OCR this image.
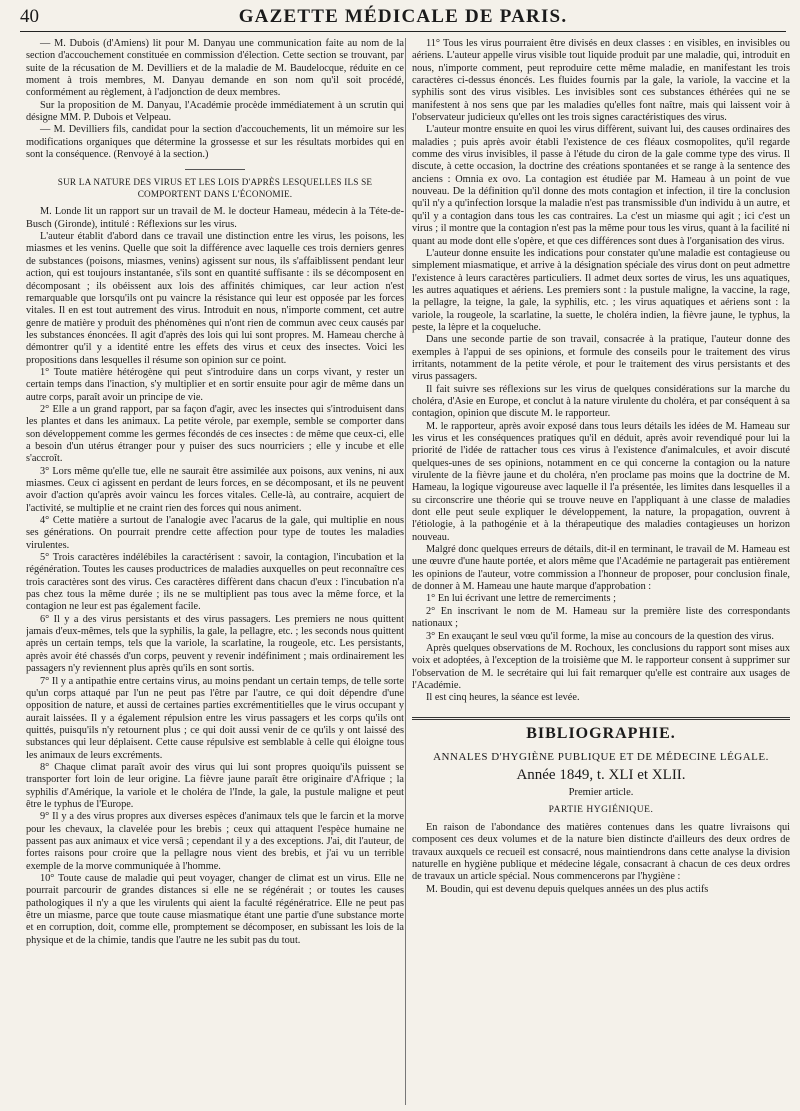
40	GAZETTE MÉDICALE DE PARIS.

— M. Dubois (d'Amiens) lit pour M. Danyau une communication faite au nom de la section d'accouchement constituée en commission d'élection. Cette section se trouvant, par suite de la récusation de M. Devilliers et de la maladie de M. Baudelocque, réduite en ce moment à trois membres, M. Danyau demande en son nom qu'il soit procédé, conformément au règlement, à l'adjonction de deux membres.

Sur la proposition de M. Danyau, l'Académie procède immédiatement à un scrutin qui désigne MM. P. Dubois et Velpeau.

— M. Devilliers fils, candidat pour la section d'accouchements, lit un mémoire sur les modifications organiques que détermine la grossesse et sur les résultats morbides qui en sont la conséquence. (Renvoyé à la section.)

SUR LA NATURE DES VIRUS ET LES LOIS D'APRÈS LESQUELLES ILS SE COMPORTENT DANS L'ÉCONOMIE.

M. Londe lit un rapport sur un travail de M. le docteur Hameau, médecin à la Téte-de-Busch (Gironde), intitulé : Réflexions sur les virus.

L'auteur établit d'abord dans ce travail une distinction entre les virus, les poisons, les miasmes et les venins. Quelle que soit la différence avec laquelle ces trois derniers genres de substances (poisons, miasmes, venins) agissent sur nous, ils s'affaiblissent pendant leur action, qui est toujours instantanée, s'ils sont en quantité suffisante : ils se décomposent en décomposant ; ils obéissent aux lois des affinités chimiques, car leur action n'est remarquable que lorsqu'ils ont pu vaincre la résistance qui leur est opposée par les forces vitales. Il en est tout autrement des virus. Introduit en nous, n'importe comment, cet autre genre de matière y produit des phénomènes qui n'ont rien de commun avec ceux causés par les substances énoncées. Il agit d'après des lois qui lui sont propres. M. Hameau cherche à démontrer qu'il y a identité entre les effets des virus et ceux des insectes. Voici les propositions dans lesquelles il résume son opinion sur ce point.

1° Toute matière hétérogène qui peut s'introduire dans un corps vivant, y rester un certain temps dans l'inaction, s'y multiplier et en sortir ensuite pour agir de même dans un autre corps, paraît avoir un principe de vie.

2° Elle a un grand rapport, par sa façon d'agir, avec les insectes qui s'introduisent dans les plantes et dans les animaux. La petite vérole, par exemple, semble se comporter dans son développement comme les germes fécondés de ces insectes : de même que ceux-ci, elle a besoin d'un utérus étranger pour y puiser des sucs nourriciers ; elle y incube et elle s'accroît.

3° Lors même qu'elle tue, elle ne saurait être assimilée aux poisons, aux venins, ni aux miasmes. Ceux ci agissent en perdant de leurs forces, en se décomposant, et ils ne peuvent avoir d'action qu'après avoir vaincu les forces vitales. Celle-là, au contraire, acquiert de l'activité, se multiplie et ne craint rien des forces qui nous animent.

4° Cette matière a surtout de l'analogie avec l'acarus de la gale, qui multiplie en nous ses générations. On pourrait prendre cette affection pour type de toutes les maladies virulentes.

5° Trois caractères indélébiles la caractérisent : savoir, la contagion, l'incubation et la régénération. Toutes les causes productrices de maladies auxquelles on peut reconnaître ces trois caractères sont des virus. Ces caractères diffèrent dans chacun d'eux : l'incubation n'a pas chez tous la même durée ; ils ne se multiplient pas tous avec la même force, et la contagion ne leur est pas également facile.

6° Il y a des virus persistants et des virus passagers. Les premiers ne nous quittent jamais d'eux-mêmes, tels que la syphilis, la gale, la pellagre, etc. ; les seconds nous quittent après un certain temps, tels que la variole, la scarlatine, la rougeole, etc. Les persistants, après avoir été chassés d'un corps, peuvent y revenir indéfiniment ; mais ordinairement les passagers n'y reviennent plus après qu'ils en sont sortis.

7° Il y a antipathie entre certains virus, au moins pendant un certain temps, de telle sorte qu'un corps attaqué par l'un ne peut pas l'être par l'autre, ce qui doit dépendre d'une opposition de nature, et aussi de certaines parties excrémentitielles que le virus occupant y aurait laissées. Il y a également répulsion entre les virus passagers et les corps qu'ils ont quittés, puisqu'ils n'y retournent plus ; ce qui doit aussi venir de ce qu'ils y ont laissé des substances qui leur déplaisent. Cette cause répulsive est semblable à celle qui éloigne tous les animaux de leurs excréments.

8° Chaque climat paraît avoir des virus qui lui sont propres quoiqu'ils puissent se transporter fort loin de leur origine. La fièvre jaune paraît être originaire d'Afrique ; la syphilis d'Amérique, la variole et le choléra de l'Inde, la gale, la pustule maligne et peut être le typhus de l'Europe.

9° Il y a des virus propres aux diverses espèces d'animaux tels que le farcin et la morve pour les chevaux, la clavelée pour les brebis ; ceux qui attaquent l'espèce humaine ne passent pas aux animaux et vice versâ ; cependant il y a des exceptions. J'ai, dit l'auteur, de fortes raisons pour croire que la pellagre nous vient des brebis, et j'ai vu un terrible exemple de la morve communiquée à l'homme.

10° Toute cause de maladie qui peut voyager, changer de climat est un virus. Elle ne pourrait parcourir de grandes distances si elle ne se régénérait ; or toutes les causes pathologiques il n'y a que les virulents qui aient la faculté régénératrice. Elle ne peut pas être un miasme, parce que toute cause miasmatique étant une partie d'une substance morte et en corruption, doit, comme elle, promptement se décomposer, en subissant les lois de la physique et de la chimie, tandis que l'autre ne les subit pas du tout.

11° Tous les virus pourraient être divisés en deux classes : en visibles, en invisibles ou aériens. L'auteur appelle virus visible tout liquide produit par une maladie, qui, introduit en nous, n'importe comment, peut reproduire cette même maladie, en manifestant les trois caractères ci-dessus énoncés. Les fluides fournis par la gale, la variole, la vaccine et la syphilis sont des virus visibles. Les invisibles sont ces substances éthérées qui ne se manifestent à nos sens que par les maladies qu'elles font naître, mais qui laissent voir à l'observateur judicieux qu'elles ont les trois signes caractéristiques des virus.

L'auteur montre ensuite en quoi les virus diffèrent, suivant lui, des causes ordinaires des maladies ; puis après avoir établi l'existence de ces fléaux cosmopolites, qu'il regarde comme des virus invisibles, il passe à l'étude du ciron de la gale comme type des virus. Il discute, à cette occasion, la doctrine des créations spontanées et se range à la sentence des anciens : Omnia ex ovo. La contagion est étudiée par M. Hameau à un point de vue nouveau. De la définition qu'il donne des mots contagion et infection, il tire la conclusion qu'il n'y a qu'infection lorsque la maladie n'est pas transmissible d'un individu à un autre, et qu'il y a contagion dans tous les cas contraires. La c'est un miasme qui agit ; ici c'est un virus ; il montre que la contagion n'est pas la même pour tous les virus, quant à la facilité ni quant au mode dont elle s'opère, et que ces différences sont dues à l'organisation des virus.

L'auteur donne ensuite les indications pour constater qu'une maladie est contagieuse ou simplement miasmatique, et arrive à la désignation spéciale des virus dont on peut admettre l'existence à leurs caractères particuliers. Il admet deux sortes de virus, les uns aquatiques, les autres aquatiques et aériens. Les premiers sont : la pustule maligne, la vaccine, la rage, la pellagre, la teigne, la gale, la syphilis, etc. ; les virus aquatiques et aériens sont : la variole, la rougeole, la scarlatine, la suette, le choléra indien, la fièvre jaune, le typhus, la peste, la lèpre et la coqueluche.

Dans une seconde partie de son travail, consacrée à la pratique, l'auteur donne des exemples à l'appui de ses opinions, et formule des conseils pour le traitement des virus irritants, notamment de la petite vérole, et pour le traitement des virus persistants et des virus passagers.

Il fait suivre ses réflexions sur les virus de quelques considérations sur la marche du choléra, d'Asie en Europe, et conclut à la nature virulente du choléra, et par conséquent à sa contagion, opinion que discute M. le rapporteur.

M. le rapporteur, après avoir exposé dans tous leurs détails les idées de M. Hameau sur les virus et les conséquences pratiques qu'il en déduit, après avoir revendiqué pour lui la priorité de l'idée de rattacher tous ces virus à l'existence d'animalcules, et avoir discuté quelques-unes de ses opinions, notamment en ce qui concerne la contagion ou la nature virulente de la fièvre jaune et du choléra, n'en proclame pas moins que la doctrine de M. Hameau, la logique vigoureuse avec laquelle il l'a présentée, les limites dans lesquelles il a su circonscrire une théorie qui se trouve neuve en l'appliquant à une classe de maladies dont elle peut seule expliquer le développement, la nature, la propagation, ouvrent à l'étiologie, à la pathogénie et à la thérapeutique des maladies contagieuses un horizon nouveau.

Malgré donc quelques erreurs de détails, dit-il en terminant, le travail de M. Hameau est une œuvre d'une haute portée, et alors même que l'Académie ne partagerait pas entièrement les opinions de l'auteur, votre commission a l'honneur de proposer, pour conclusion finale, de donner à M. Hameau une haute marque d'approbation :

1° En lui écrivant une lettre de remerciments ;

2° En inscrivant le nom de M. Hameau sur la première liste des correspondants nationaux ;

3° En exauçant le seul vœu qu'il forme, la mise au concours de la question des virus.

Après quelques observations de M. Rochoux, les conclusions du rapport sont mises aux voix et adoptées, à l'exception de la troisième que M. le rapporteur consent à supprimer sur l'observation de M. le secrétaire qui lui fait remarquer qu'elle est contraire aux usages de l'Académie.

Il est cinq heures, la séance est levée.

BIBLIOGRAPHIE.
ANNALES D'HYGIÈNE PUBLIQUE ET DE MÉDECINE LÉGALE.
Année 1849, t. XLI et XLII.
Premier article.
PARTIE HYGIÉNIQUE.

En raison de l'abondance des matières contenues dans les quatre livraisons qui composent ces deux volumes et de la nature bien distincte d'ailleurs des deux ordres de travaux auxquels ce recueil est consacré, nous maintiendrons dans cette analyse la division naturelle en hygiène publique et médecine légale, consacrant à chacun de ces deux ordres de travaux un article spécial. Nous commencerons par l'hygiène :

M. Boudin, qui est devenu depuis quelques années un des plus actifs
